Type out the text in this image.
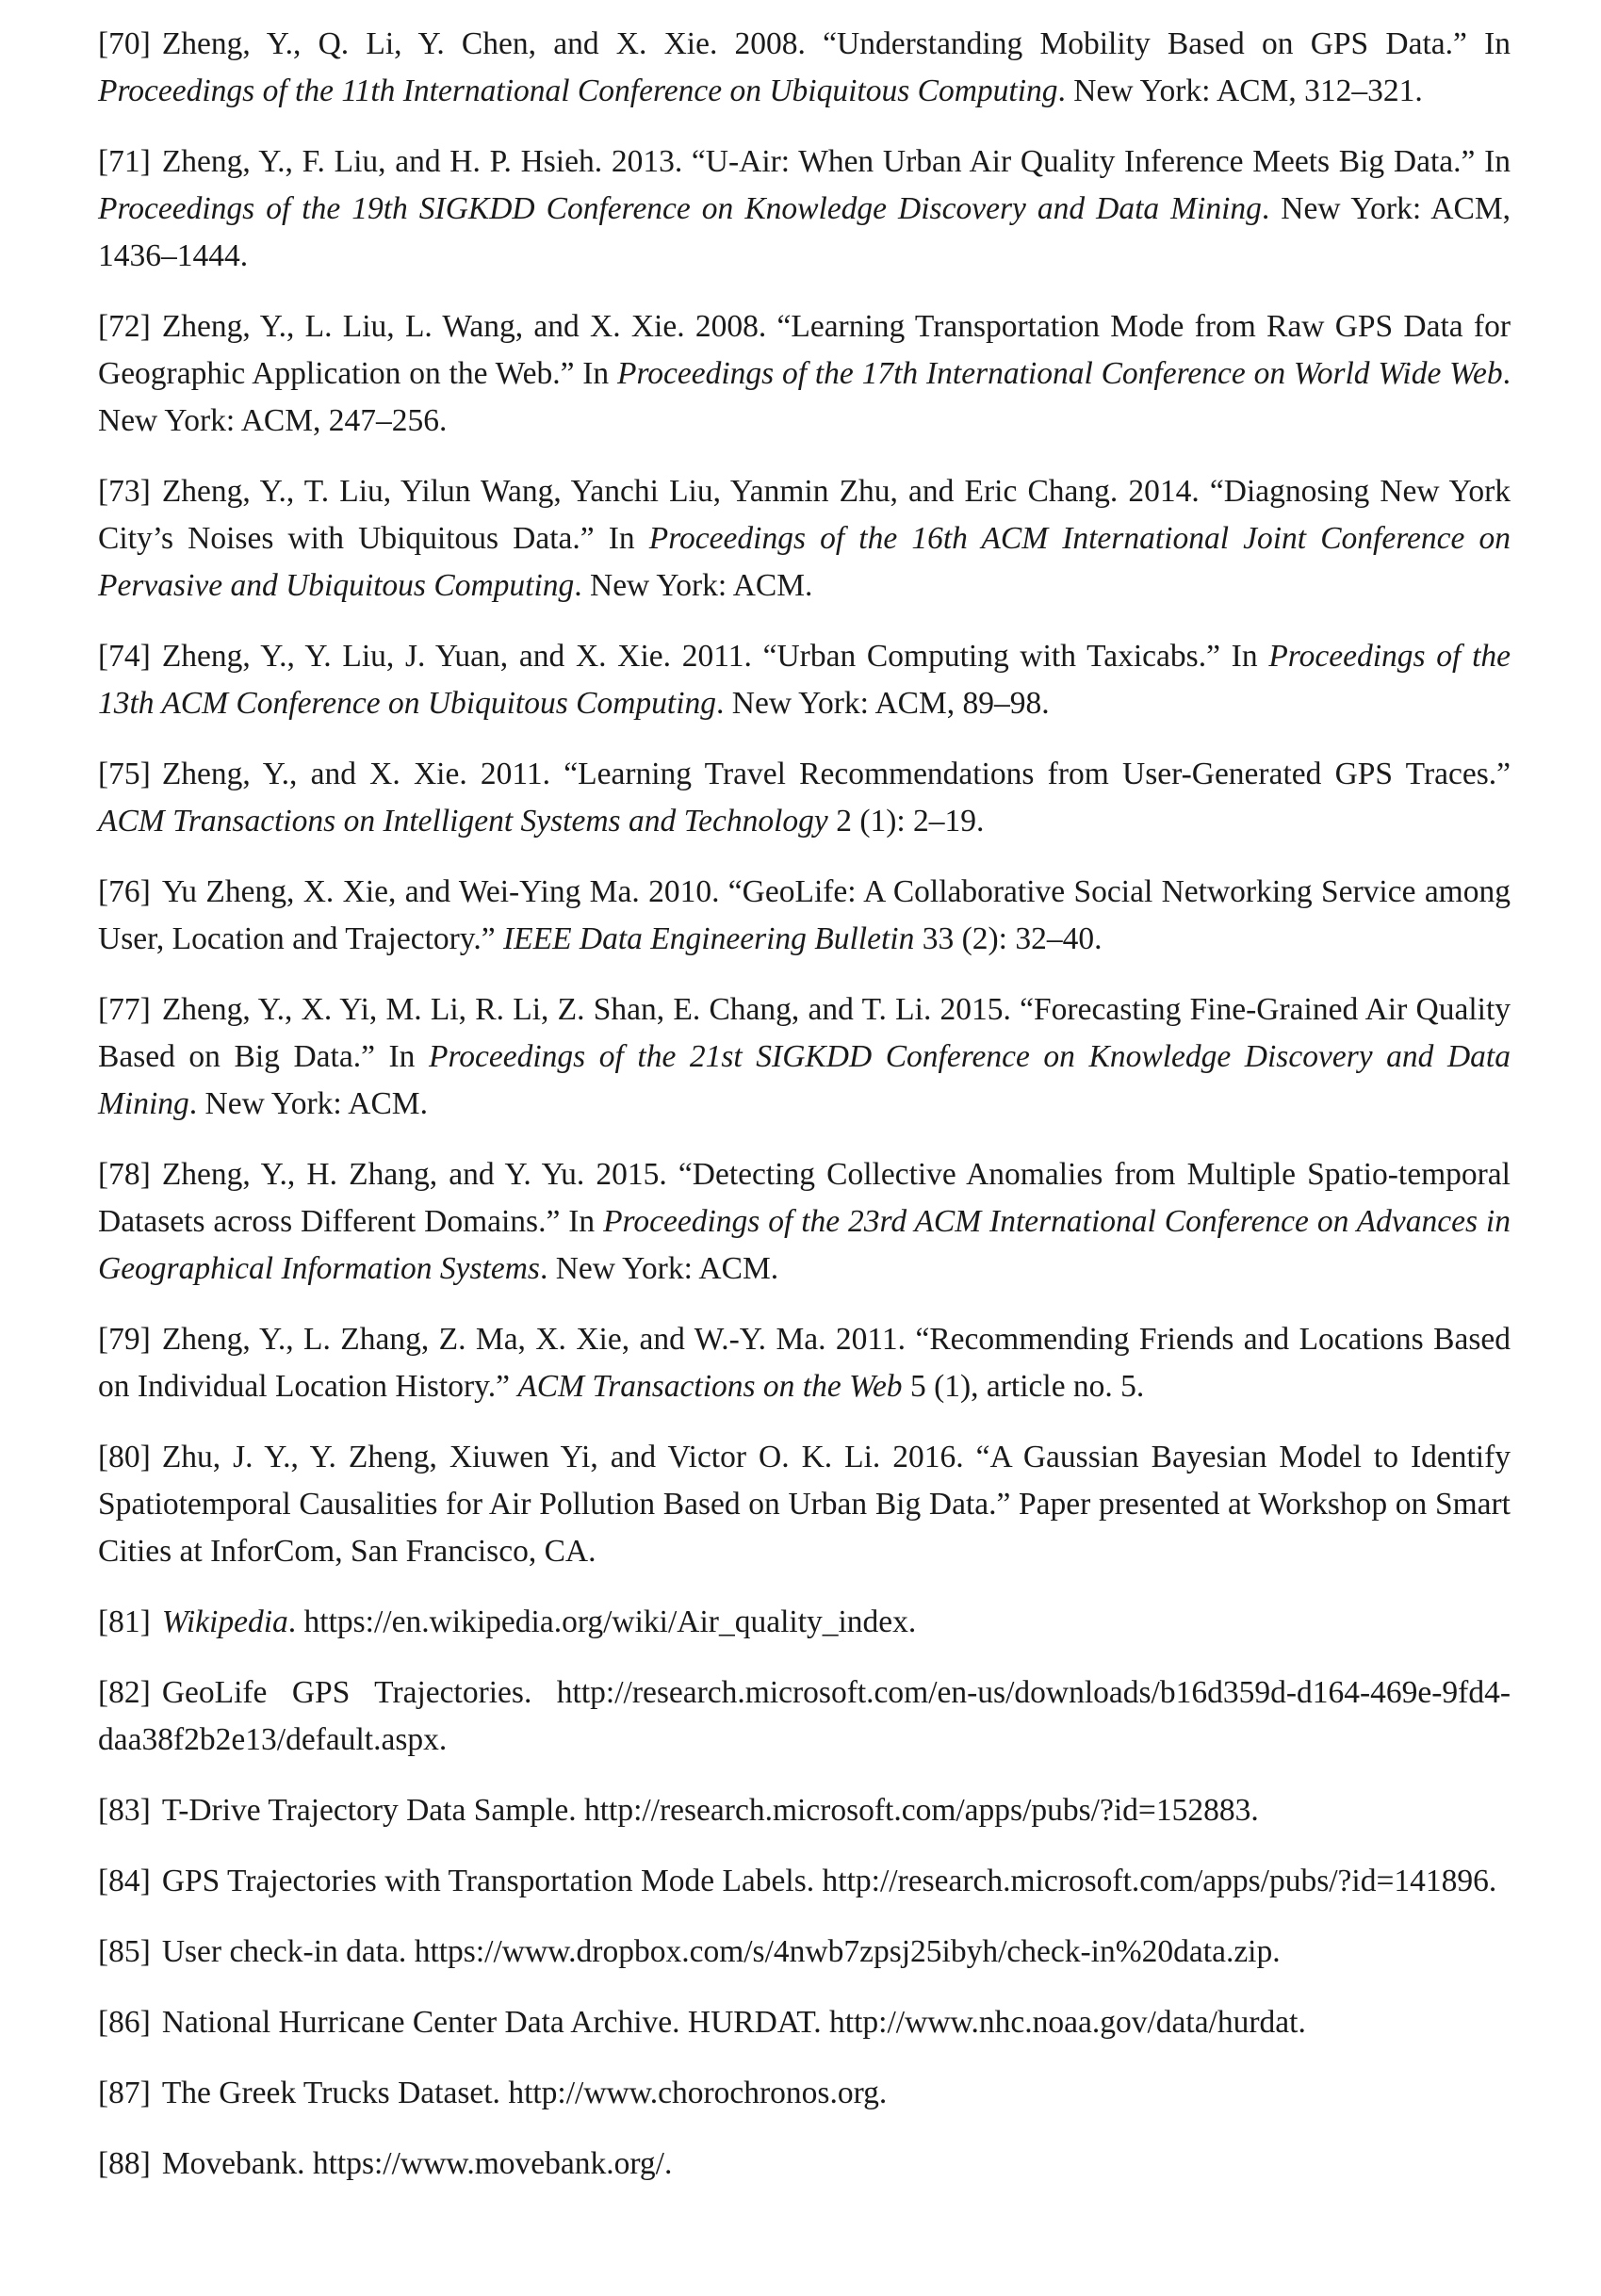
[70] Zheng, Y., Q. Li, Y. Chen, and X. Xie. 2008. “Understanding Mobility Based on GPS Data.” In Proceedings of the 11th International Conference on Ubiquitous Computing. New York: ACM, 312–321.

[71] Zheng, Y., F. Liu, and H. P. Hsieh. 2013. “U-Air: When Urban Air Quality Inference Meets Big Data.” In Proceedings of the 19th SIGKDD Conference on Knowledge Discovery and Data Mining. New York: ACM, 1436–1444.

[72] Zheng, Y., L. Liu, L. Wang, and X. Xie. 2008. “Learning Transportation Mode from Raw GPS Data for Geographic Application on the Web.” In Proceedings of the 17th International Conference on World Wide Web. New York: ACM, 247–256.

[73] Zheng, Y., T. Liu, Yilun Wang, Yanchi Liu, Yanmin Zhu, and Eric Chang. 2014. “Diagnosing New York City’s Noises with Ubiquitous Data.” In Proceedings of the 16th ACM International Joint Conference on Pervasive and Ubiquitous Computing. New York: ACM.

[74] Zheng, Y., Y. Liu, J. Yuan, and X. Xie. 2011. “Urban Computing with Taxicabs.” In Proceedings of the 13th ACM Conference on Ubiquitous Computing. New York: ACM, 89–98.

[75] Zheng, Y., and X. Xie. 2011. “Learning Travel Recommendations from User-Generated GPS Traces.” ACM Transactions on Intelligent Systems and Technology 2 (1): 2–19.

[76] Yu Zheng, X. Xie, and Wei-Ying Ma. 2010. “GeoLife: A Collaborative Social Networking Service among User, Location and Trajectory.” IEEE Data Engineering Bulletin 33 (2): 32–40.

[77] Zheng, Y., X. Yi, M. Li, R. Li, Z. Shan, E. Chang, and T. Li. 2015. “Forecasting Fine-Grained Air Quality Based on Big Data.” In Proceedings of the 21st SIGKDD Conference on Knowledge Discovery and Data Mining. New York: ACM.

[78] Zheng, Y., H. Zhang, and Y. Yu. 2015. “Detecting Collective Anomalies from Multiple Spatio-temporal Datasets across Different Domains.” In Proceedings of the 23rd ACM International Conference on Advances in Geographical Information Systems. New York: ACM.

[79] Zheng, Y., L. Zhang, Z. Ma, X. Xie, and W.-Y. Ma. 2011. “Recommending Friends and Locations Based on Individual Location History.” ACM Transactions on the Web 5 (1), article no. 5.

[80] Zhu, J. Y., Y. Zheng, Xiuwen Yi, and Victor O. K. Li. 2016. “A Gaussian Bayesian Model to Identify Spatiotemporal Causalities for Air Pollution Based on Urban Big Data.” Paper presented at Workshop on Smart Cities at InforCom, San Francisco, CA.

[81] Wikipedia. https://en.wikipedia.org/wiki/Air_quality_index.

[82] GeoLife GPS Trajectories. http://research.microsoft.com/en-us/downloads/b16d359d-d164-469e-9fd4-daa38f2b2e13/default.aspx.

[83] T-Drive Trajectory Data Sample. http://research.microsoft.com/apps/pubs/?id=152883.

[84] GPS Trajectories with Transportation Mode Labels. http://research.microsoft.com/apps/pubs/?id=141896.

[85] User check-in data. https://www.dropbox.com/s/4nwb7zpsj25ibyh/check-in%20data.zip.

[86] National Hurricane Center Data Archive. HURDAT. http://www.nhc.noaa.gov/data/hurdat.

[87] The Greek Trucks Dataset. http://www.chorochronos.org.

[88] Movebank. https://www.movebank.org/.
